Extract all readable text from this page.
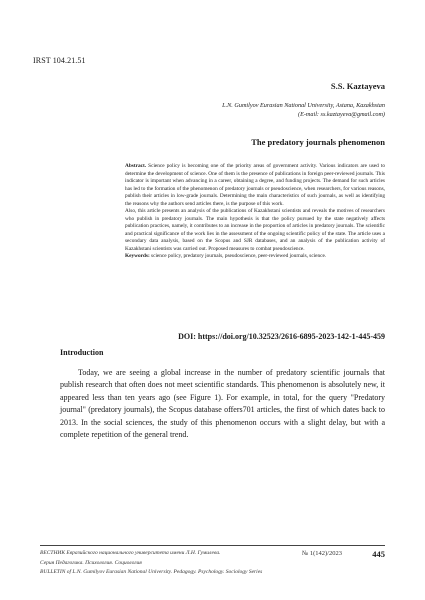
IRST 104.21.51
S.S. Kaztayeva
L.N. Gumilyov Eurasian National University, Astana, Kazakhstan
(E-mail: ss.kaztayeva@gmail.com)
The predatory journals phenomenon

Abstract. Science policy is becoming one of the priority areas of government activity. Various indicators are used to determine the development of science. One of them is the presence of publications in foreign peer-reviewed journals. This indicator is important when advancing in a career, obtaining a degree, and funding projects. The demand for such articles has led to the formation of the phenomenon of predatory journals or pseudoscience, when researchers, for various reasons, publish their articles in low-grade journals. Determining the main characteristics of such journals, as well as identifying the reasons why the authors send articles there, is the purpose of this work.

Also, this article presents an analysis of the publications of Kazakhstani scientists and reveals the motives of researchers who publish in predatory journals. The main hypothesis is that the policy pursued by the state negatively affects publication practices, namely, it contributes to an increase in the proportion of articles in predatory journals. The scientific and practical significance of the work lies in the assessment of the ongoing scientific policy of the state. The article uses a secondary data analysis, based on the Scopus and SJR databases, and an analysis of the publication activity of Kazakhstani scientists was carried out. Proposed measures to combat pseudoscience.

Keywords: science policy, predatory journals, pseudoscience, peer-reviewed journals, science.

DOI: https://doi.org/10.32523/2616-6895-2023-142-1-445-459
Introduction

Today, we are seeing a global increase in the number of predatory scientific journals that publish research that often does not meet scientific standards. This phenomenon is absolutely new, it appeared less than ten years ago (see Figure 1). For example, in total, for the query "Predatory journal" (predatory journals), the Scopus database offers701 articles, the first of which dates back to 2013. In the social sciences, the study of this phenomenon occurs with a slight delay, but with a complete repetition of the general trend.

ВЕСТНИК Евразийского национального университета имени Л.Н. Гумилева.
Серия Педагогика. Психология. Социология
BULLETIN of L.N. Gumilyov Eurasian National University. Pedagogy. Psychology. Sociology Series
№ 1(142)/2023	445
